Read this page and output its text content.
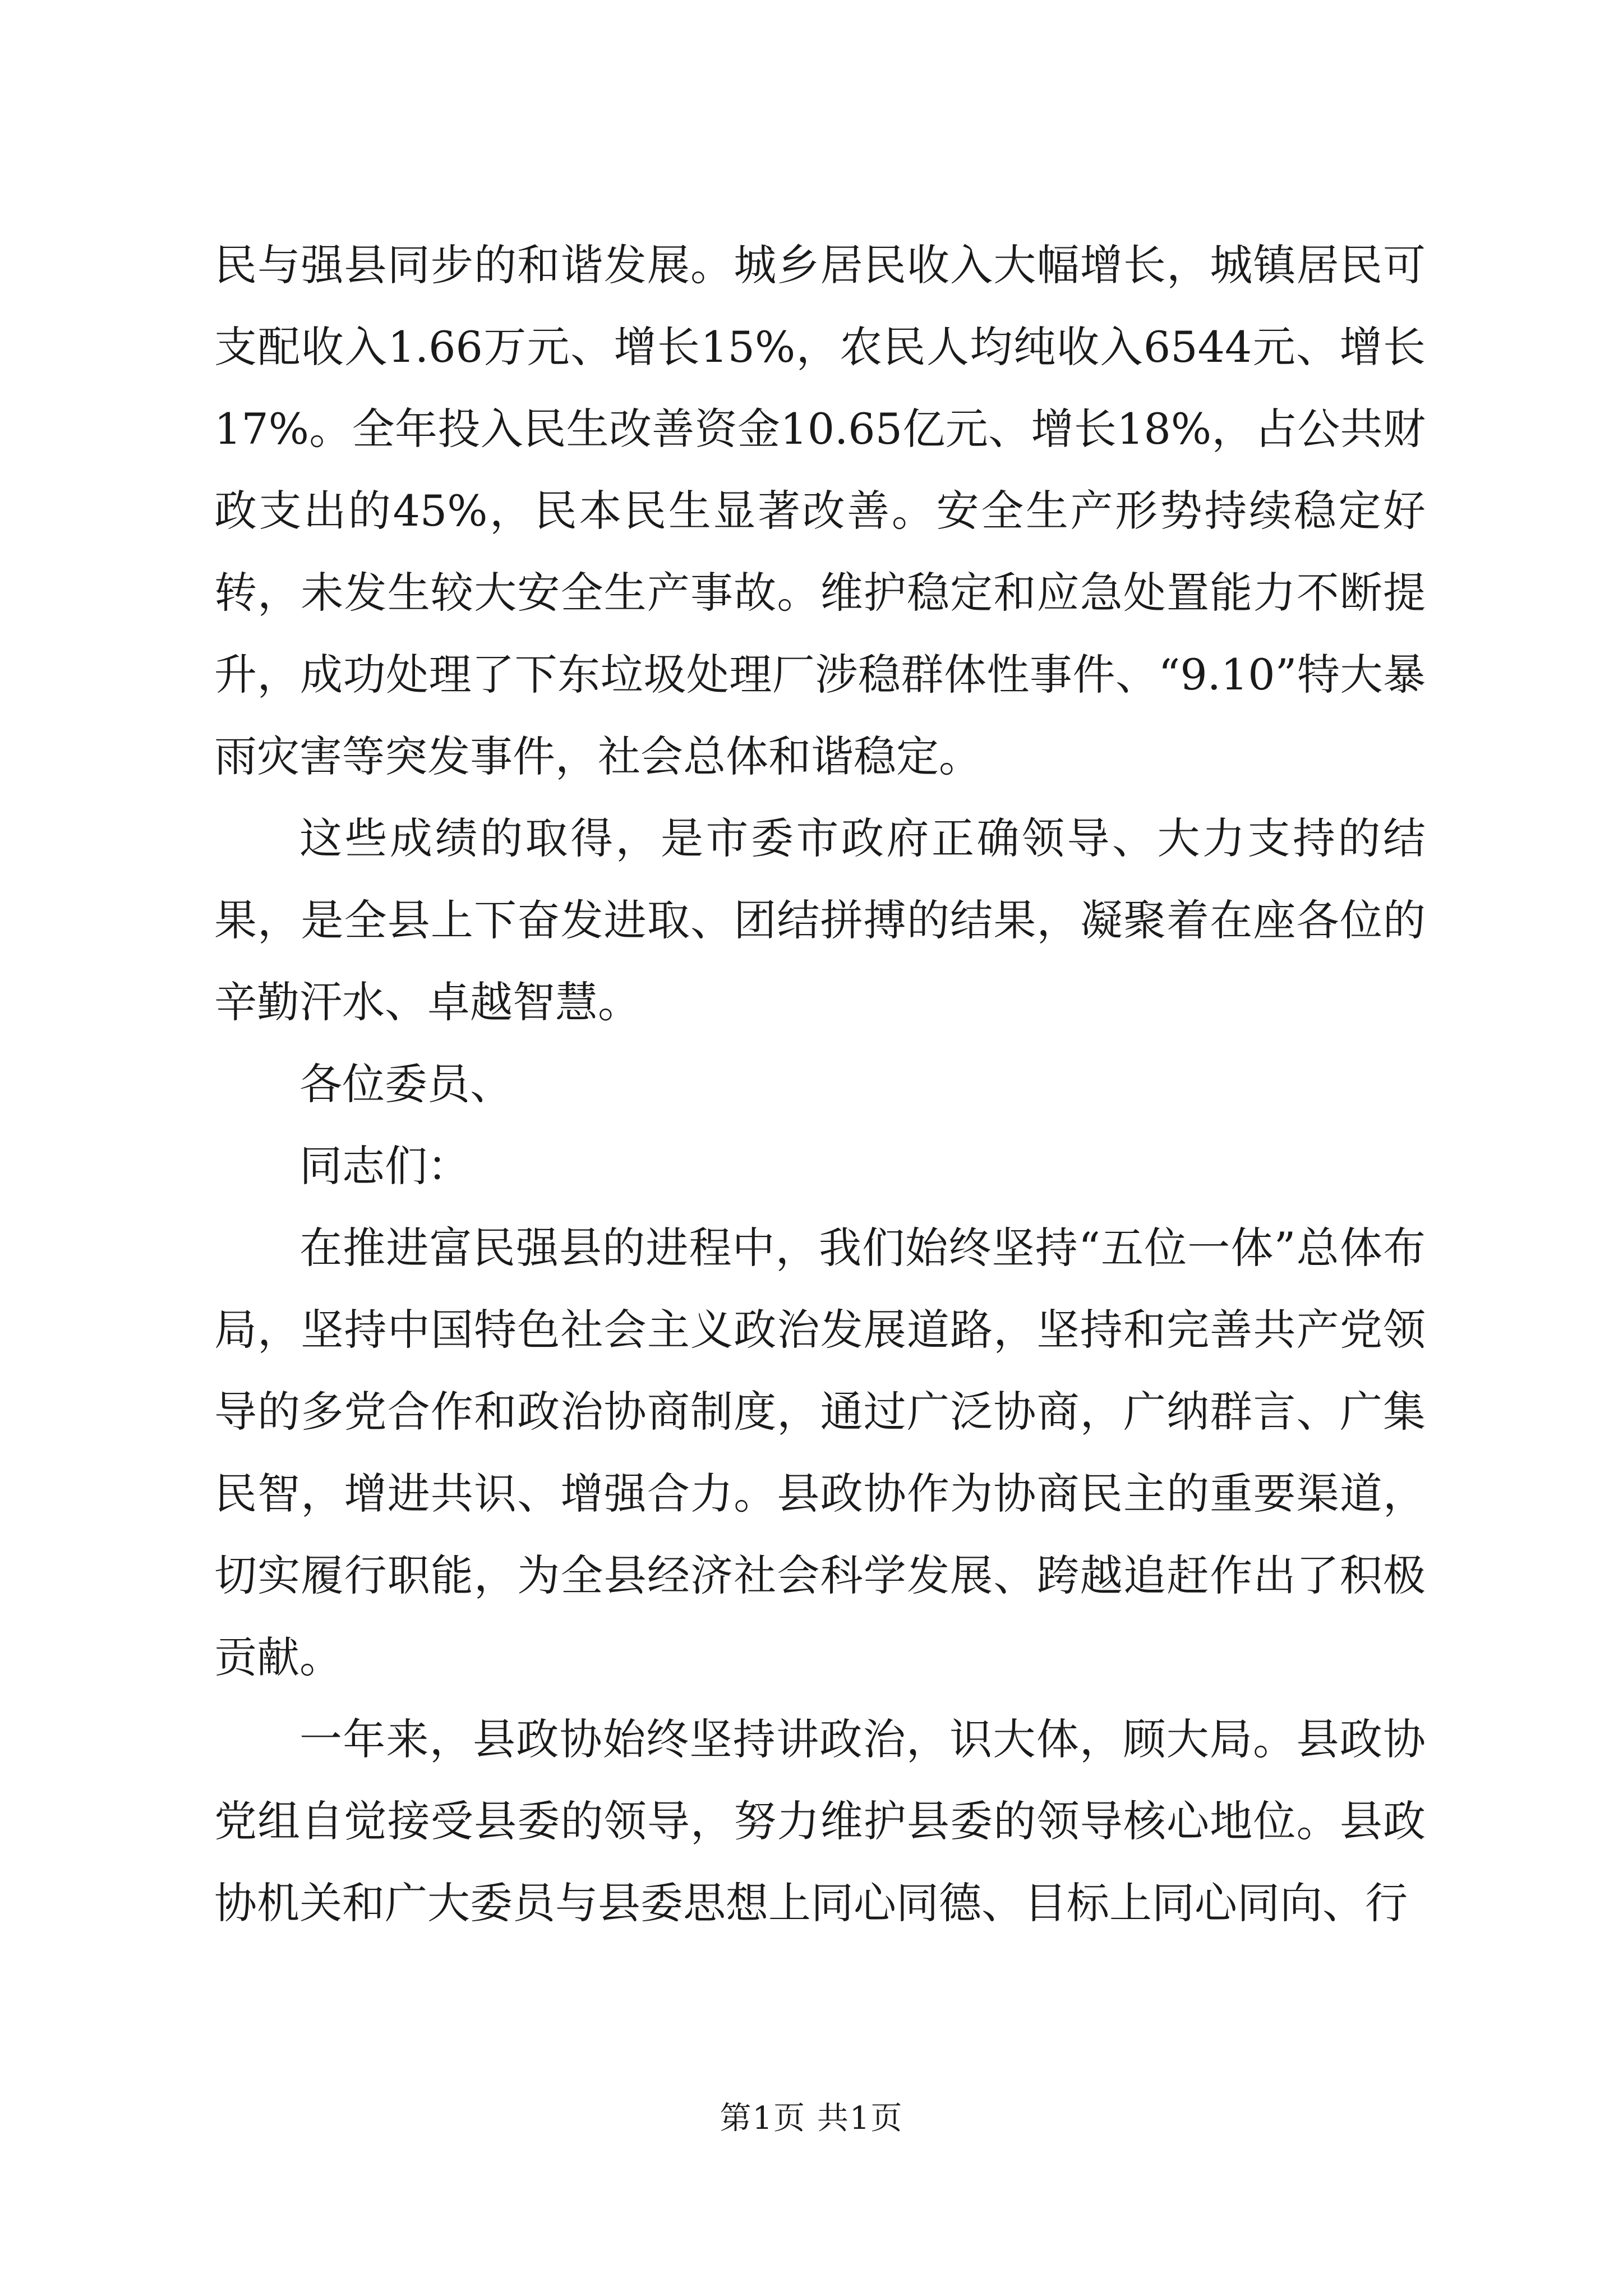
民与强县同步的和谐发展。城乡居民收入大幅增长，城镇居民可支配收入1.66万元、增长15%，农民人均纯收入6544元、增长17%。全年投入民生改善资金10.65亿元、增长18%，占公共财政支出的45%，民本民生显著改善。安全生产形势持续稳定好转，未发生较大安全生产事故。维护稳定和应急处置能力不断提升，成功处理了下东垃圾处理厂涉稳群体性事件、“9.10”特大暴雨灾害等突发事件，社会总体和谐稳定。

这些成绩的取得，是市委市政府正确领导、大力支持的结果，是全县上下奋发进取、团结拼搏的结果，凝聚着在座各位的辛勤汗水、卓越智慧。

各位委员、

同志们：

在推进富民强县的进程中，我们始终坚持“五位一体”总体布局，坚持中国特色社会主义政治发展道路，坚持和完善共产党领导的多党合作和政治协商制度，通过广泛协商，广纳群言、广集民智，增进共识、增强合力。县政协作为协商民主的重要渠道，切实履行职能，为全县经济社会科学发展、跨越追赶作出了积极贡献。

一年来，县政协始终坚持讲政治，识大体，顾大局。县政协党组自觉接受县委的领导，努力维护县委的领导核心地位。县政协机关和广大委员与县委思想上同心同德、目标上同心同向、行

第1页 共1页
